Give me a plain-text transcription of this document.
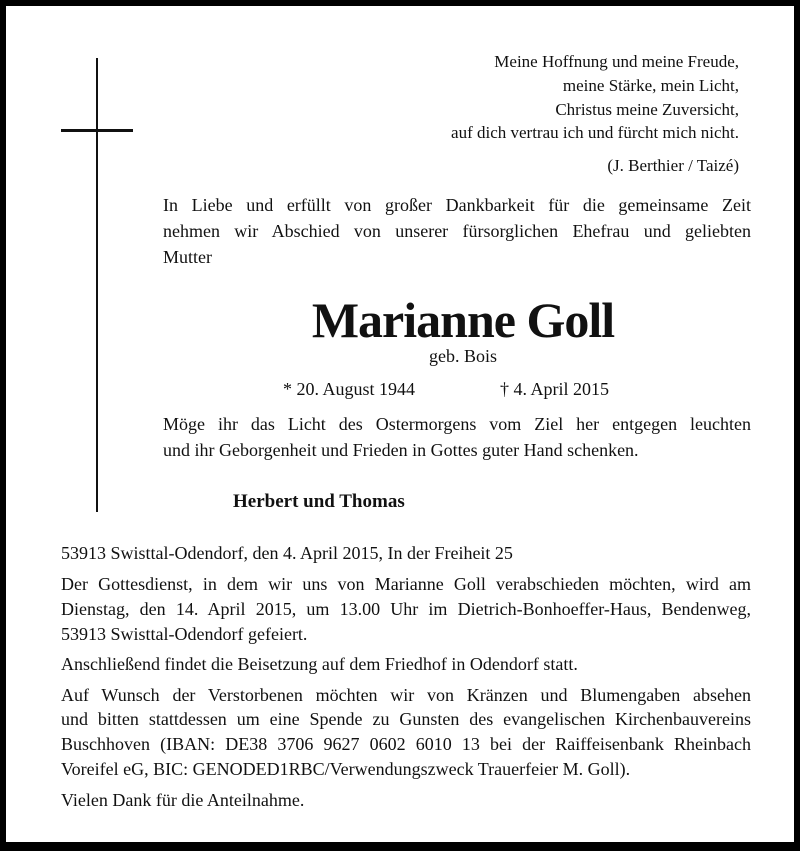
Meine Hoffnung und meine Freude,
meine Stärke, mein Licht,
Christus meine Zuversicht,
auf dich vertrau ich und fürcht mich nicht.
(J. Berthier / Taizé)
In Liebe und erfüllt von großer Dankbarkeit für die gemeinsame Zeit
nehmen wir Abschied von unserer fürsorglichen Ehefrau und geliebten
Mutter
Marianne Goll
geb. Bois
* 20. August 1944	† 4. April 2015
Möge ihr das Licht des Ostermorgens vom Ziel her entgegen leuchten
und ihr Geborgenheit und Frieden in Gottes guter Hand schenken.
Herbert und Thomas
53913 Swisttal-Odendorf, den 4. April 2015, In der Freiheit 25
Der Gottesdienst, in dem wir uns von Marianne Goll verabschieden möchten, wird am
Dienstag, den 14. April 2015, um 13.00 Uhr im Dietrich-Bonhoeffer-Haus, Bendenweg,
53913 Swisttal-Odendorf gefeiert.
Anschließend findet die Beisetzung auf dem Friedhof in Odendorf statt.
Auf Wunsch der Verstorbenen möchten wir von Kränzen und Blumengaben absehen
und bitten stattdessen um eine Spende zu Gunsten des evangelischen Kirchenbauvereins
Buschhoven (IBAN: DE38 3706 9627 0602 6010 13 bei der Raiffeisenbank Rheinbach
Voreifel eG, BIC: GENODED1RBC/Verwendungszweck Trauerfeier M. Goll).
Vielen Dank für die Anteilnahme.
